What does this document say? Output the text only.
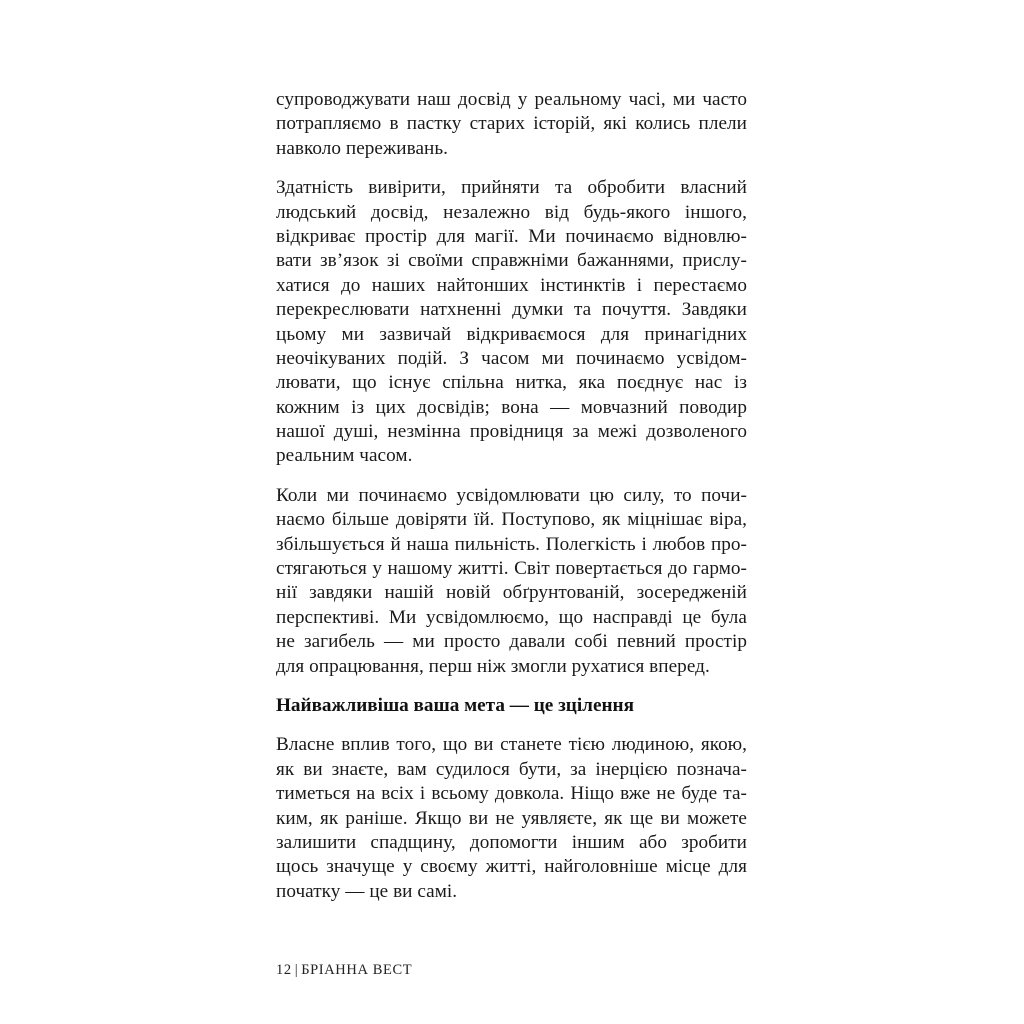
супроводжувати наш досвід у реальному часі, ми часто
потрапляємо в пастку старих історій, які колись плели
навколо переживань.
Здатність вивірити, прийняти та обробити власний
людський досвід, незалежно від будь-якого іншого,
відкриває простір для магії. Ми починаємо відновлю-
вати зв’язок зі своїми справжніми бажаннями, прислу-
хатися до наших найтонших інстинктів і перестаємо
перекреслювати натхненні думки та почуття. Завдяки
цьому ми зазвичай відкриваємося для принагідних
неочікуваних подій. З часом ми починаємо усвідом-
лювати, що існує спільна нитка, яка поєднує нас із
кожним із цих досвідів; вона — мовчазний поводир
нашої душі, незмінна провідниця за межі дозволеного
реальним часом.
Коли ми починаємо усвідомлювати цю силу, то почи-
наємо більше довіряти їй. Поступово, як міцнішає віра,
збільшується й наша пильність. Полегкість і любов про-
стягаються у нашому житті. Світ повертається до гармо-
нії завдяки нашій новій обґрунтованій, зосередженій
перспективі. Ми усвідомлюємо, що насправді це була
не загибель — ми просто давали собі певний простір
для опрацювання, перш ніж змогли рухатися вперед.
Найважливіша ваша мета — це зцілення
Власне вплив того, що ви станете тією людиною, якою,
як ви знаєте, вам судилося бути, за інерцією познача-
тиметься на всіх і всьому довкола. Ніщо вже не буде та-
ким, як раніше. Якщо ви не уявляєте, як ще ви можете
залишити спадщину, допомогти іншим або зробити
щось значуще у своєму житті, найголовніше місце для
початку — це ви самі.
12 | БРІАННА ВЕСТ
